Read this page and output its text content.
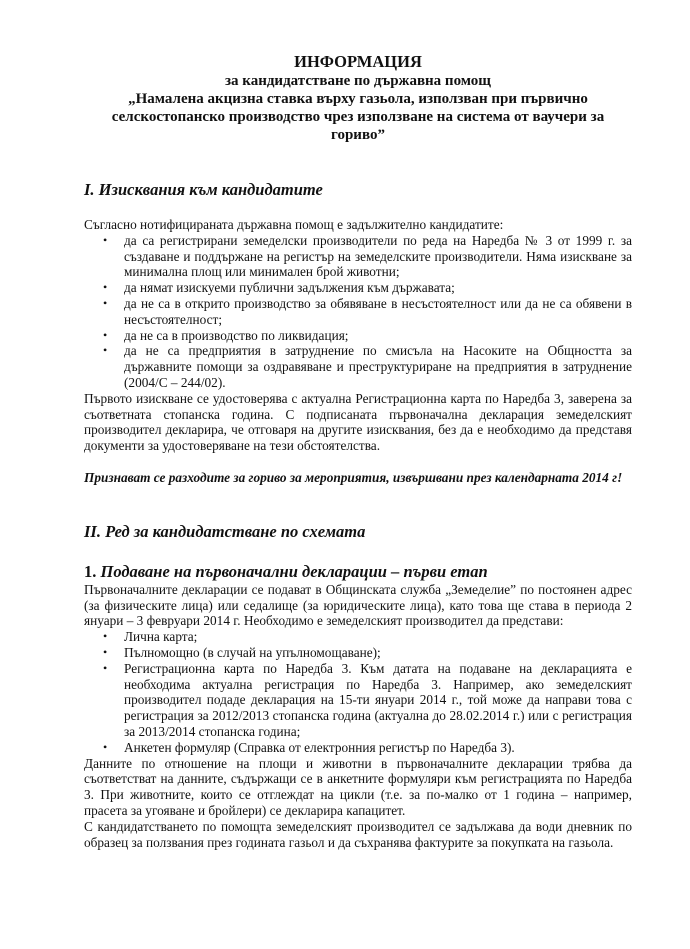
ИНФОРМАЦИЯ

за кандидатстване по държавна помощ

„Намалена акцизна ставка върху газьола, използван при първично селскостопанско производство чрез използване на система от ваучери за гориво”

I. Изисквания към кандидатите

Съгласно нотифицираната държавна помощ е задължително кандидатите:

• да са регистрирани земеделски производители по реда на Наредба № 3 от 1999 г. за създаване и поддържане на регистър на земеделските производители. Няма изискване за минимална площ или минимален брой животни;
• да нямат изискуеми публични задължения към държавата;
• да не са в открито производство за обявяване в несъстоятелност или да не са обявени в несъстоятелност;
• да не са в производство по ликвидация;
• да не са предприятия в затруднение по смисъла на Насоките на Общността за държавните помощи за оздравяване и преструктуриране на предприятия в затруднение (2004/С – 244/02).

Първото изискване се удостоверява с актуална Регистрационна карта по Наредба 3, заверена за съответната стопанска година. С подписаната първоначална декларация земеделският производител декларира, че отговаря на другите изисквания, без да е необходимо да представя документи за удостоверяване на тези обстоятелства.

Признават се разходите за гориво за мероприятия, извършвани през календарната 2014 г!

II. Ред за кандидатстване по схемата
1. Подаване на първоначални декларации – първи етап

Първоначалните декларации се подават в Общинската служба „Земеделие” по постоянен адрес (за физическите лица) или седалище (за юридическите лица), като това ще става в периода 2 януари – 3 февруари 2014 г. Необходимо е земеделският производител да представи:

• Лична карта;
• Пълномощно (в случай на упълномощаване);
• Регистрационна карта по Наредба 3. Към датата на подаване на декларацията е необходима актуална регистрация по Наредба 3. Например, ако земеделският производител подаде декларация на 15-ти януари 2014 г., той може да направи това с регистрация за 2012/2013 стопанска година (актуална до 28.02.2014 г.) или с регистрация за 2013/2014 стопанска година;
• Анкетен формуляр (Справка от електронния регистър по Наредба 3).

Данните по отношение на площи и животни в първоначалните декларации трябва да съответстват на данните, съдържащи се в анкетните формуляри към регистрацията по Наредба 3. При животните, които се отглеждат на цикли (т.е. за по-малко от 1 година – например, прасета за угояване и бройлери) се декларира капацитет.

С кандидатстването по помощта земеделският производител се задължава да води дневник по образец за ползвания през годината газьол и да съхранява фактурите за покупката на газьола.
